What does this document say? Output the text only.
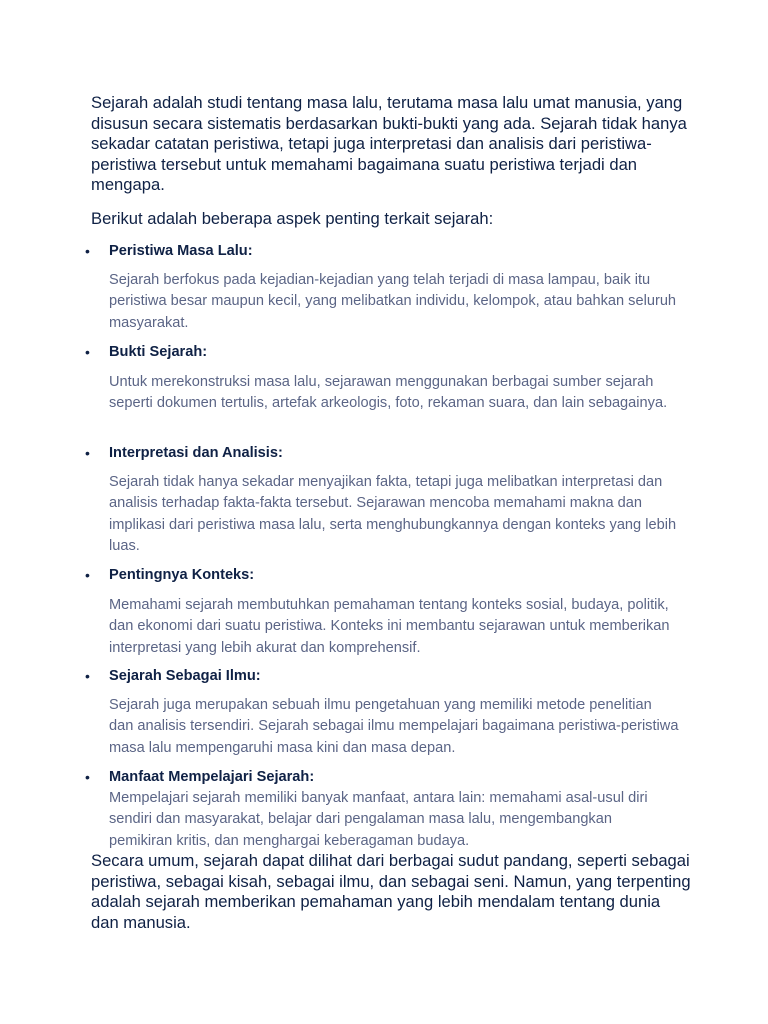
Sejarah adalah studi tentang masa lalu, terutama masa lalu umat manusia, yang disusun secara sistematis berdasarkan bukti-bukti yang ada. Sejarah tidak hanya sekadar catatan peristiwa, tetapi juga interpretasi dan analisis dari peristiwa-peristiwa tersebut untuk memahami bagaimana suatu peristiwa terjadi dan mengapa.

Berikut adalah beberapa aspek penting terkait sejarah:

• Peristiwa Masa Lalu:

Sejarah berfokus pada kejadian-kejadian yang telah terjadi di masa lampau, baik itu peristiwa besar maupun kecil, yang melibatkan individu, kelompok, atau bahkan seluruh masyarakat.

• Bukti Sejarah:

Untuk merekonstruksi masa lalu, sejarawan menggunakan berbagai sumber sejarah seperti dokumen tertulis, artefak arkeologis, foto, rekaman suara, dan lain sebagainya.

• Interpretasi dan Analisis:

Sejarah tidak hanya sekadar menyajikan fakta, tetapi juga melibatkan interpretasi dan analisis terhadap fakta-fakta tersebut. Sejarawan mencoba memahami makna dan implikasi dari peristiwa masa lalu, serta menghubungkannya dengan konteks yang lebih luas.

• Pentingnya Konteks:

Memahami sejarah membutuhkan pemahaman tentang konteks sosial, budaya, politik, dan ekonomi dari suatu peristiwa. Konteks ini membantu sejarawan untuk memberikan interpretasi yang lebih akurat dan komprehensif.

• Sejarah Sebagai Ilmu:

Sejarah juga merupakan sebuah ilmu pengetahuan yang memiliki metode penelitian dan analisis tersendiri. Sejarah sebagai ilmu mempelajari bagaimana peristiwa-peristiwa masa lalu mempengaruhi masa kini dan masa depan.

• Manfaat Mempelajari Sejarah:

Mempelajari sejarah memiliki banyak manfaat, antara lain: memahami asal-usul diri sendiri dan masyarakat, belajar dari pengalaman masa lalu, mengembangkan pemikiran kritis, dan menghargai keberagaman budaya.

Secara umum, sejarah dapat dilihat dari berbagai sudut pandang, seperti sebagai peristiwa, sebagai kisah, sebagai ilmu, dan sebagai seni. Namun, yang terpenting adalah sejarah memberikan pemahaman yang lebih mendalam tentang dunia dan manusia.
